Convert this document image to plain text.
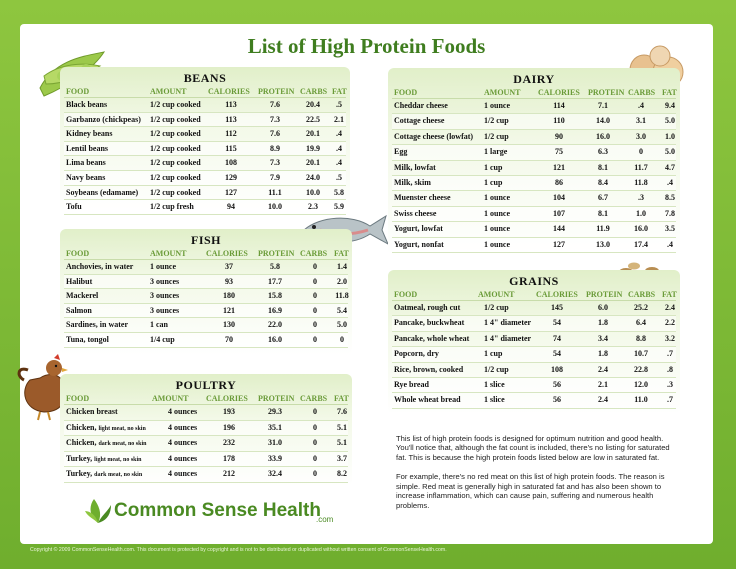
List of High Protein Foods
BEANS
FOOD	AMOUNT	CALORIES PROTEIN CARBS FAT
Black beans	1/2 cup cooked	113	7.6	20.4	.5
Garbanzo (chickpeas) 1/2 cup cooked	113	7.3	22.5	2.1
Kidney beans	1/2 cup cooked	112	7.6	20.1	.4
Lentil beans	1/2 cup cooked	115	8.9	19.9	.4
Lima beans	1/2 cup cooked	108	7.3	20.1	.4
Navy beans	1/2 cup cooked	129	7.9	24.0	.5
Soybeans (edamame) 1/2 cup cooked	127	11.1	10.0	5.8
Tofu	1/2 cup fresh	94	10.0	2.3	5.9
FISH
FOOD	AMOUNT CALORIES PROTEIN CARBS FAT
Anchovies, in water 1 ounce	37	5.8	0	1.4
Halibut	3 ounces	93	17.7	0	2.0
Mackerel	3 ounces	180	15.8	0	11.8
Salmon	3 ounces	121	16.9	0	5.4
Sardines, in water	1 can	130	22.0	0	5.0
Tuna, tongol	1/4 cup	70	16.0	0	0
POULTRY
FOOD	AMOUNT CALORIES PROTEIN CARBS FAT
Chicken breast	4 ounces	193	29.3	0	7.6
Chicken, light meat, no skin	4 ounces	196	35.1	0	5.1
Chicken, dark meat, no skin	4 ounces	232	31.0	0	5.1
Turkey, light meat, no skin	4 ounces	178	33.9	0	3.7
Turkey, dark meat, no skin	4 ounces	212	32.4	0	8.2
DAIRY
FOOD	AMOUNT CALORIES PROTEIN CARBS FAT
Cheddar cheese	1 ounce	114	7.1	.4	9.4
Cottage cheese	1/2 cup	110	14.0	3.1	5.0
Cottage cheese (lowfat) 1/2 cup	90	16.0	3.0	1.0
Egg	1 large	75	6.3	0	5.0
Milk, lowfat	1 cup	121	8.1	11.7	4.7
Milk, skim	1 cup	86	8.4	11.8	.4
Muenster cheese	1 ounce	104	6.7	.3	8.5
Swiss cheese	1 ounce	107	8.1	1.0	7.8
Yogurt, lowfat	1 ounce	144	11.9	16.0	3.5
Yogurt, nonfat	1 ounce	127	13.0	17.4	.4
GRAINS
FOOD	AMOUNT	CALORIES PROTEIN CARBS FAT
Oatmeal, rough cut	1/2 cup	145	6.0	25.2	2.4
Pancake, buckwheat 1 4" diameter	54	1.8	6.4	2.2
Pancake, whole wheat 1 4" diameter	74	3.4	8.8	3.2
Popcorn, dry	1 cup	54	1.8	10.7	.7
Rice, brown, cooked	1/2 cup	108	2.4	22.8	.8
Rye bread	1 slice	56	2.1	12.0	.3
Whole wheat bread	1 slice	56	2.4	11.0	.7

This list of high protein foods is designed for optimum nutrition and good health. You'll notice that, although the fat count is included, there's no listing for saturated fat. This is because the high protein foods listed below are low in saturated fat.

For example, there's no red meat on this list of high protein foods. The reason is simple. Red meat is generally high in saturated fat and has also been shown to increase inflammation, which can cause pain, suffering and numerous health problems.

Common Sense Health
.com
Copyright © 2009 CommonSenseHealth.com. This document is protected by copyright and is not to be distributed or duplicated without written consent of CommonSenseHealth.com.
